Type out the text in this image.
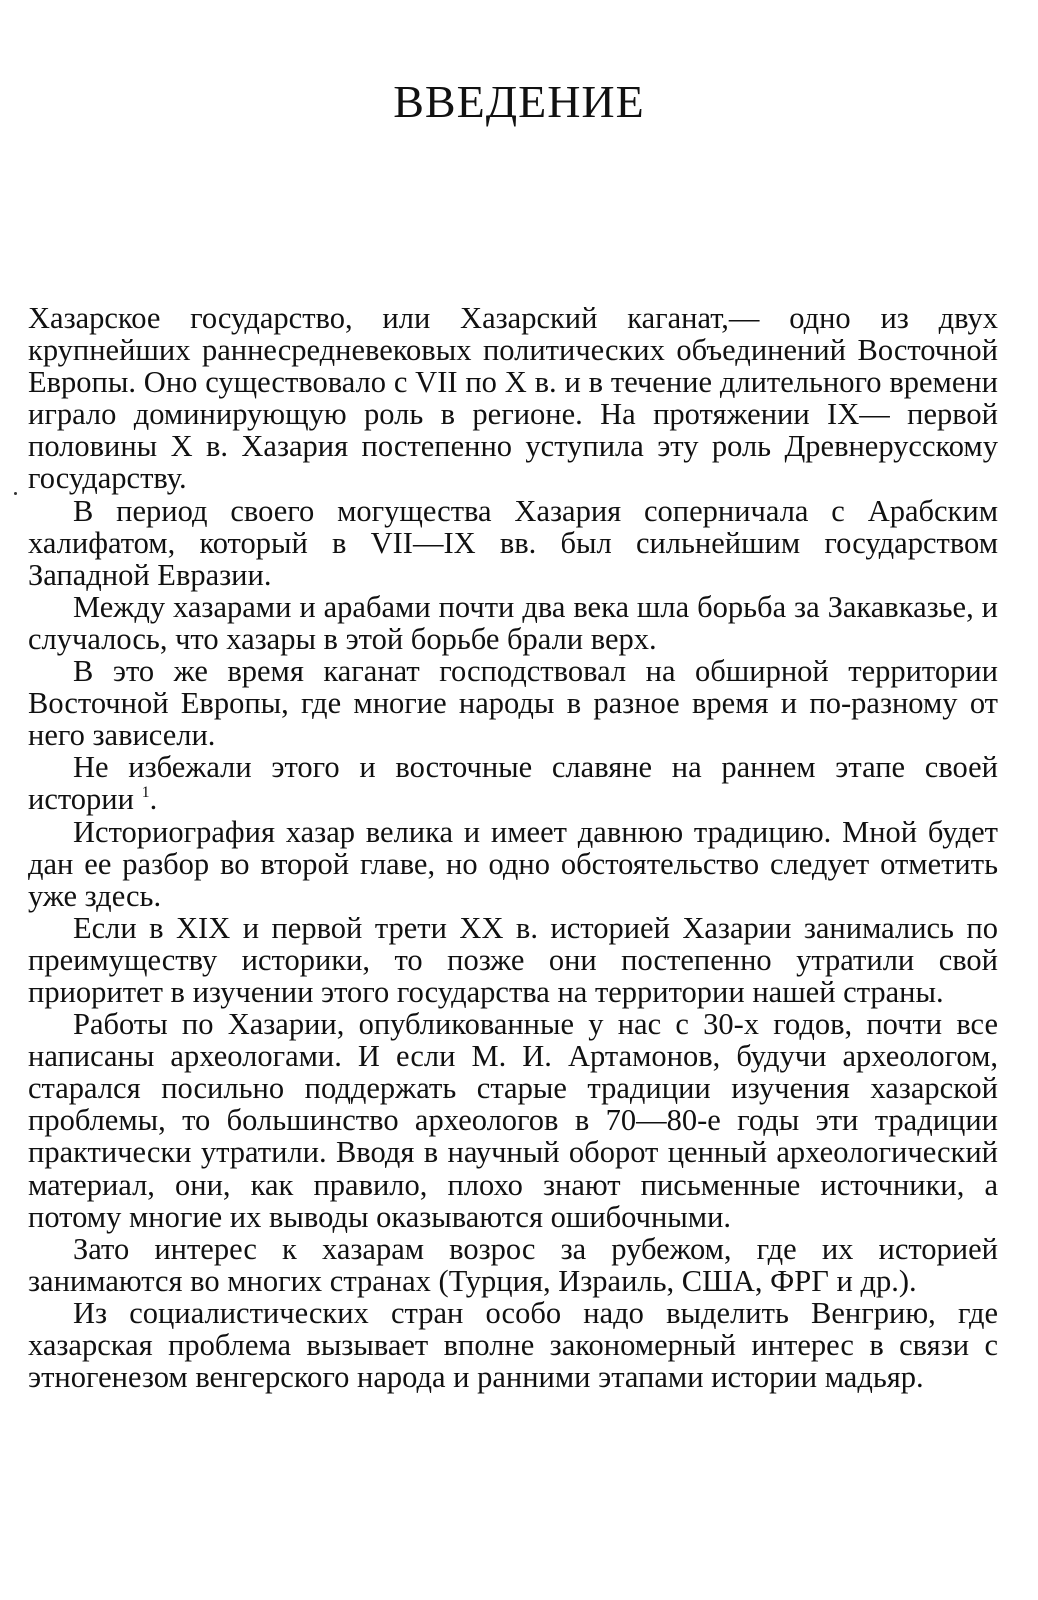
ВВЕДЕНИЕ

Хазарское государство, или Хазарский каганат,— одно из двух крупнейших раннесредневековых политических объединений Восточной Европы. Оно существовало с VII по X в. и в течение длительного времени играло доминирующую роль в регионе. На протяжении IX— первой половины X в. Хазария постепенно уступила эту роль Древнерусскому государству.

В период своего могущества Хазария соперничала с Арабским халифатом, который в VII—IX вв. был сильнейшим государством Западной Евразии.

Между хазарами и арабами почти два века шла борьба за Закавказье, и случалось, что хазары в этой борьбе брали верх.

В это же время каганат господствовал на обширной территории Восточной Европы, где многие народы в разное время и по-разному от него зависели.

Не избежали этого и восточные славяне на раннем этапе своей истории $^1$.

Историография хазар велика и имеет давнюю традицию. Мной будет дан ее разбор во второй главе, но одно обстоятельство следует отметить уже здесь.

Если в XIX и первой трети XX в. историей Хазарии занимались по преимуществу историки, то позже они постепенно утратили свой приоритет в изучении этого государства на территории нашей страны.

Работы по Хазарии, опубликованные у нас с 30-х годов, почти все написаны археологами. И если М. И. Артамонов, будучи археологом, старался посильно поддержать старые традиции изучения хазарской проблемы, то большинство археологов в 70—80-е годы эти традиции практически утратили. Вводя в научный оборот ценный археологический материал, они, как правило, плохо знают письменные источники, а потому многие их выводы оказываются ошибочными.

Зато интерес к хазарам возрос за рубежом, где их историей занимаются во многих странах (Турция, Израиль, США, ФРГ и др.).

Из социалистических стран особо надо выделить Венгрию, где хазарская проблема вызывает вполне закономерный интерес в связи с этногенезом венгерского народа и ранними этапами истории мадьяр.
